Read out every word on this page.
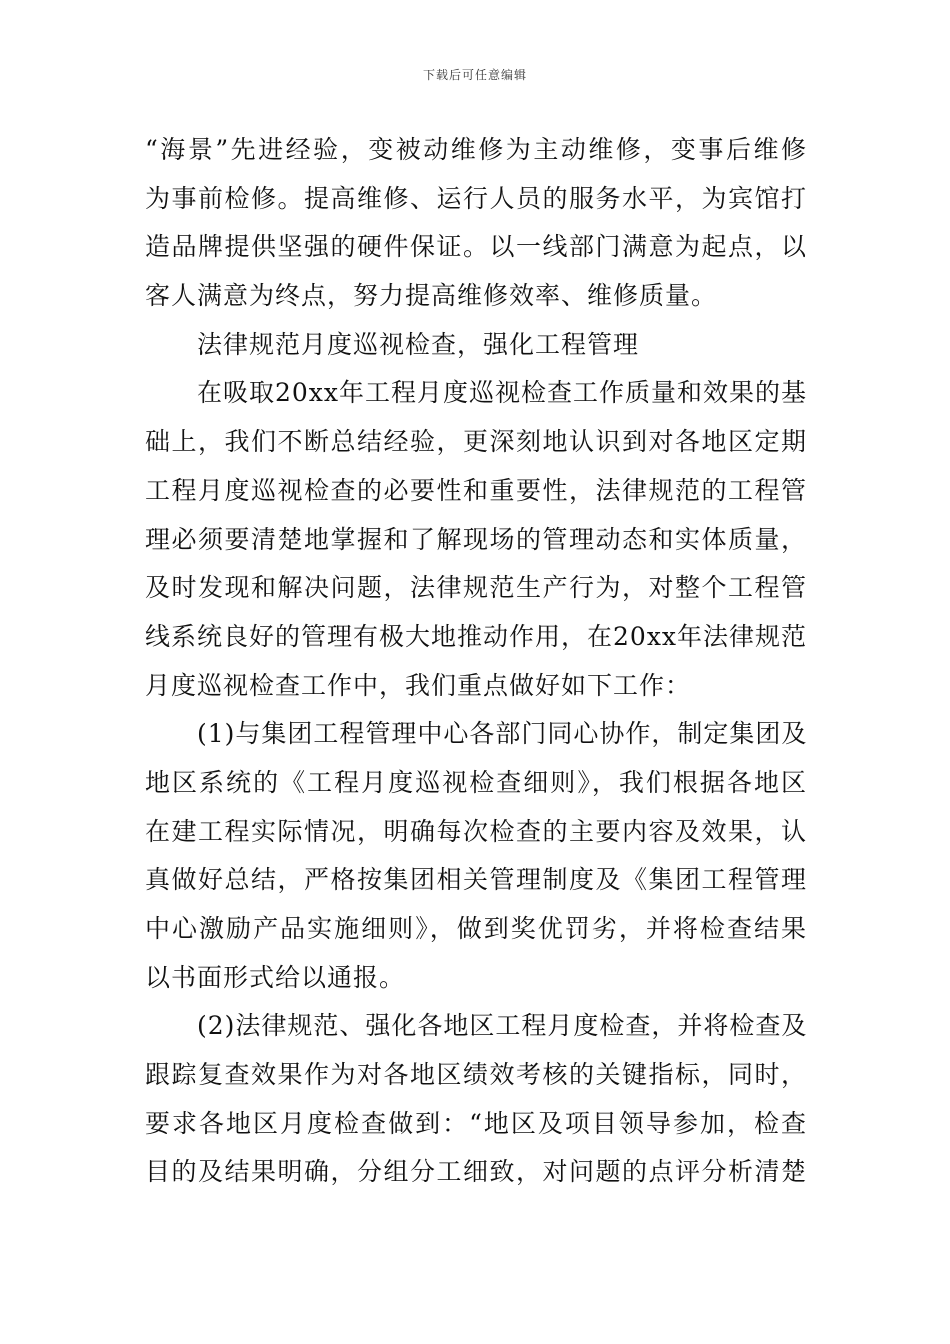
下载后可任意编辑
“海景”先进经验，变被动维修为主动维修，变事后维修
为事前检修。提高维修、运行人员的服务水平，为宾馆打
造品牌提供坚强的硬件保证。以一线部门满意为起点，以
客人满意为终点，努力提高维修效率、维修质量。
法律规范月度巡视检查，强化工程管理
在吸取20xx年工程月度巡视检查工作质量和效果的基
础上，我们不断总结经验，更深刻地认识到对各地区定期
工程月度巡视检查的必要性和重要性，法律规范的工程管
理必须要清楚地掌握和了解现场的管理动态和实体质量，
及时发现和解决问题，法律规范生产行为，对整个工程管
线系统良好的管理有极大地推动作用，在20xx年法律规范
月度巡视检查工作中，我们重点做好如下工作：
(1)与集团工程管理中心各部门同心协作，制定集团及
地区系统的《工程月度巡视检查细则》，我们根据各地区
在建工程实际情况，明确每次检查的主要内容及效果，认
真做好总结，严格按集团相关管理制度及《集团工程管理
中心激励产品实施细则》，做到奖优罚劣，并将检查结果
以书面形式给以通报。
(2)法律规范、强化各地区工程月度检查，并将检查及
跟踪复查效果作为对各地区绩效考核的关键指标，同时，
要求各地区月度检查做到：“地区及项目领导参加，检查
目的及结果明确，分组分工细致，对问题的点评分析清楚
